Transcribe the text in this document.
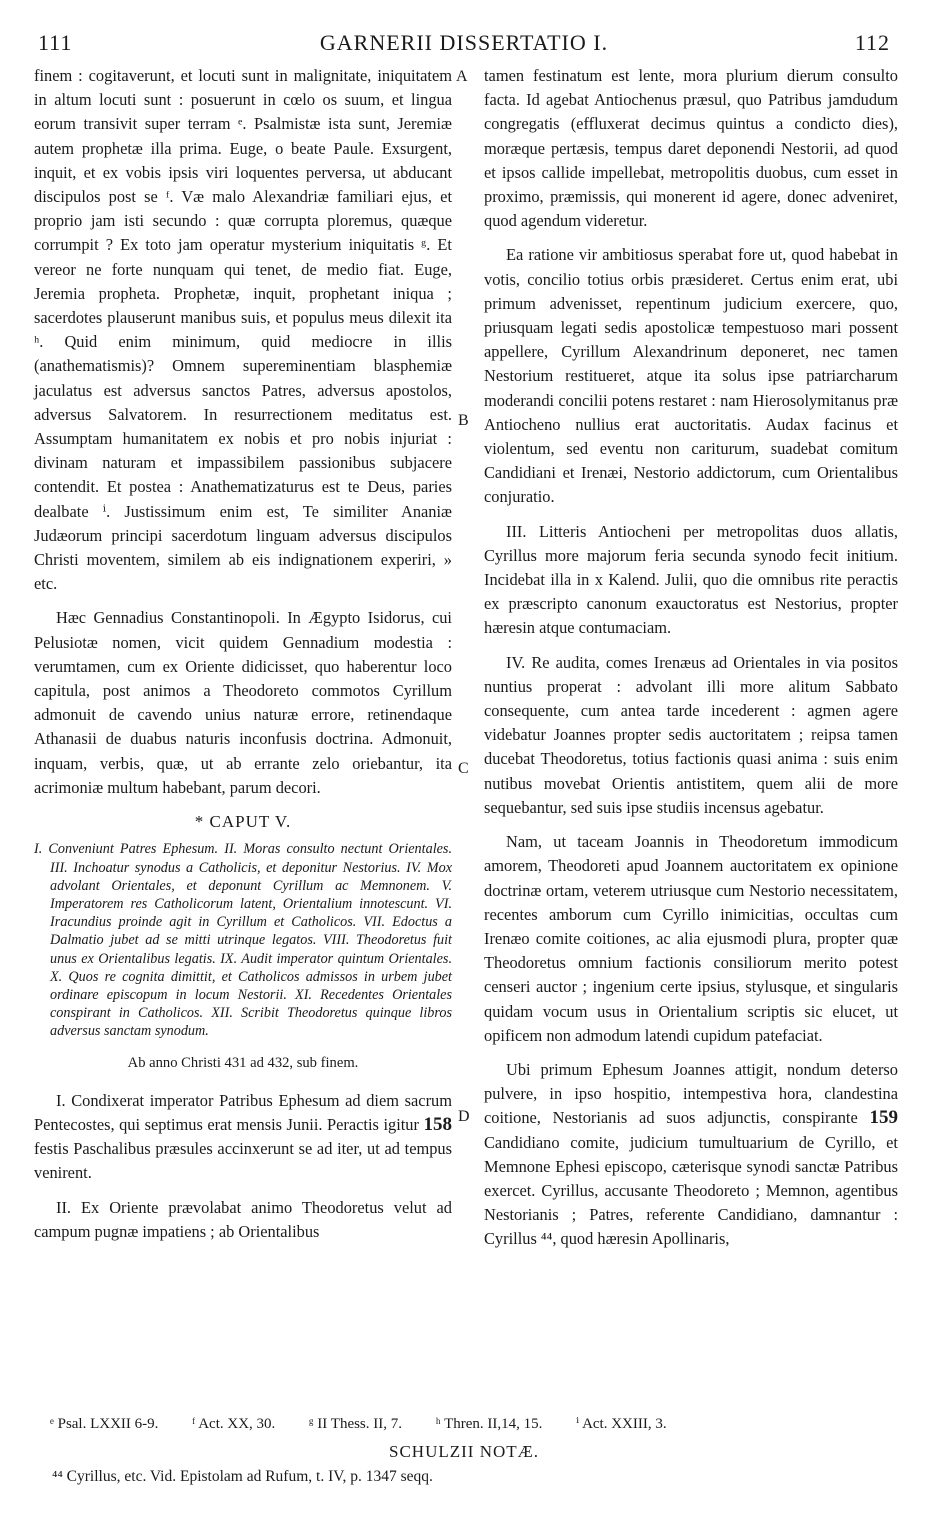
111	GARNERII DISSERTATIO I.	112
A
B
C
D

finem : cogitaverunt, et locuti sunt in malignitate, iniquitatem in altum locuti sunt : posuerunt in cœlo os suum, et lingua eorum transivit super terram ᵉ. Psalmistæ ista sunt, Jeremiæ autem prophetæ illa prima. Euge, o beate Paule. Exsurgent, inquit, et ex vobis ipsis viri loquentes perversa, ut abducant discipulos post se ᶠ. Væ malo Alexandriæ familiari ejus, et proprio jam isti secundo : quæ corrupta ploremus, quæque corrumpit ? Ex toto jam operatur mysterium iniquitatis ᵍ. Et vereor ne forte nunquam qui tenet, de medio fiat. Euge, Jeremia propheta. Prophetæ, inquit, prophetant iniqua ; sacerdotes plauserunt manibus suis, et populus meus dilexit ita ʰ. Quid enim minimum, quid mediocre in illis (anathematismis)? Omnem supereminentiam blasphemiæ jaculatus est adversus sanctos Patres, adversus apostolos, adversus Salvatorem. In resurrectionem meditatus est. Assumptam humanitatem ex nobis et pro nobis injuriat : divinam naturam et impassibilem passionibus subjacere contendit. Et postea : Anathematizaturus est te Deus, paries dealbate ⁱ. Justissimum enim est, Te similiter Ananiæ Judæorum principi sacerdotum linguam adversus discipulos Christi moventem, similem ab eis indignationem experiri, » etc.

Hæc Gennadius Constantinopoli. In Ægypto Isidorus, cui Pelusiotæ nomen, vicit quidem Gennadium modestia : verumtamen, cum ex Oriente didicisset, quo haberentur loco capitula, post animos a Theodoreto commotos Cyrillum admonuit de cavendo unius naturæ errore, retinendaque Athanasii de duabus naturis inconfusis doctrina. Admonuit, inquam, verbis, quæ, ut ab errante zelo oriebantur, ita acrimoniæ multum habebant, parum decori.

* CAPUT V.

I. Conveniunt Patres Ephesum. II. Moras consulto nectunt Orientales. III. Inchoatur synodus a Catholicis, et deponitur Nestorius. IV. Mox advolant Orientales, et deponunt Cyrillum ac Memnonem. V. Imperatorem res Catholicorum latent, Orientalium innotescunt. VI. Iracundius proinde agit in Cyrillum et Catholicos. VII. Edoctus a Dalmatio jubet ad se mitti utrinque legatos. VIII. Theodoretus fuit unus ex Orientalibus legatis. IX. Audit imperator quintum Orientales. X. Quos re cognita dimittit, et Catholicos admissos in urbem jubet ordinare episcopum in locum Nestorii. XI. Recedentes Orientales conspirant in Catholicos. XII. Scribit Theodoretus quinque libros adversus sanctam synodum.

Ab anno Christi 431 ad 432, sub finem.

I. Condixerat imperator Patribus Ephesum ad diem sacrum Pentecostes, qui septimus erat mensis Junii. Peractis igitur 158 festis Paschalibus præsules accinxerunt se ad iter, ut ad tempus venirent.

II. Ex Oriente prævolabat animo Theodoretus velut ad campum pugnæ impatiens ; ab Orientalibus

tamen festinatum est lente, mora plurium dierum consulto facta. Id agebat Antiochenus præsul, quo Patribus jamdudum congregatis (effluxerat decimus quintus a condicto dies), moræque pertæsis, tempus daret deponendi Nestorii, ad quod et ipsos callide impellebat, metropolitis duobus, cum esset in proximo, præmissis, qui monerent id agere, donec adveniret, quod agendum videretur.

Ea ratione vir ambitiosus sperabat fore ut, quod habebat in votis, concilio totius orbis præsideret. Certus enim erat, ubi primum advenisset, repentinum judicium exercere, quo, priusquam legati sedis apostolicæ tempestuoso mari possent appellere, Cyrillum Alexandrinum deponeret, nec tamen Nestorium restitueret, atque ita solus ipse patriarcharum moderandi concilii potens restaret : nam Hierosolymitanus præ Antiocheno nullius erat auctoritatis. Audax facinus et violentum, sed eventu non cariturum, suadebat comitum Candidiani et Irenæi, Nestorio addictorum, cum Orientalibus conjuratio.

III. Litteris Antiocheni per metropolitas duos allatis, Cyrillus more majorum feria secunda synodo fecit initium. Incidebat illa in x Kalend. Julii, quo die omnibus rite peractis ex præscripto canonum exauctoratus est Nestorius, propter hæresin atque contumaciam.

IV. Re audita, comes Irenæus ad Orientales in via positos nuntius properat : advolant illi more alitum Sabbato consequente, cum antea tarde incederent : agmen agere videbatur Joannes propter sedis auctoritatem ; reipsa tamen ducebat Theodoretus, totius factionis quasi anima : suis enim nutibus movebat Orientis antistitem, quem alii de more sequebantur, sed suis ipse studiis incensus agebatur.

Nam, ut taceam Joannis in Theodoretum immodicum amorem, Theodoreti apud Joannem auctoritatem ex opinione doctrinæ ortam, veterem utriusque cum Nestorio necessitatem, recentes amborum cum Cyrillo inimicitias, occultas cum Irenæo comite coitiones, ac alia ejusmodi plura, propter quæ Theodoretus omnium factionis consiliorum merito potest censeri auctor ; ingenium certe ipsius, stylusque, et singularis quidam vocum usus in Orientalium scriptis sic elucet, ut opificem non admodum latendi cupidum patefaciat.

Ubi primum Ephesum Joannes attigit, nondum deterso pulvere, in ipso hospitio, intempestiva hora, clandestina coitione, Nestorianis ad suos adjunctis, conspirante 159 Candidiano comite, judicium tumultuarium de Cyrillo, et Memnone Ephesi episcopo, cæterisque synodi sanctæ Patribus exercet. Cyrillus, accusante Theodoreto ; Memnon, agentibus Nestorianis ; Patres, referente Candidiano, damnantur : Cyrillus ⁴⁴, quod hæresin Apollinaris,

ᵉ Psal. LXXII 6-9. ᶠ Act. XX, 30. ᵍ II Thess. II, 7. ʰ Thren. II,14, 15. ⁱ Act. XXIII, 3.
SCHULZII NOTÆ.
⁴⁴ Cyrillus, etc. Vid. Epistolam ad Rufum, t. IV, p. 1347 seqq.
